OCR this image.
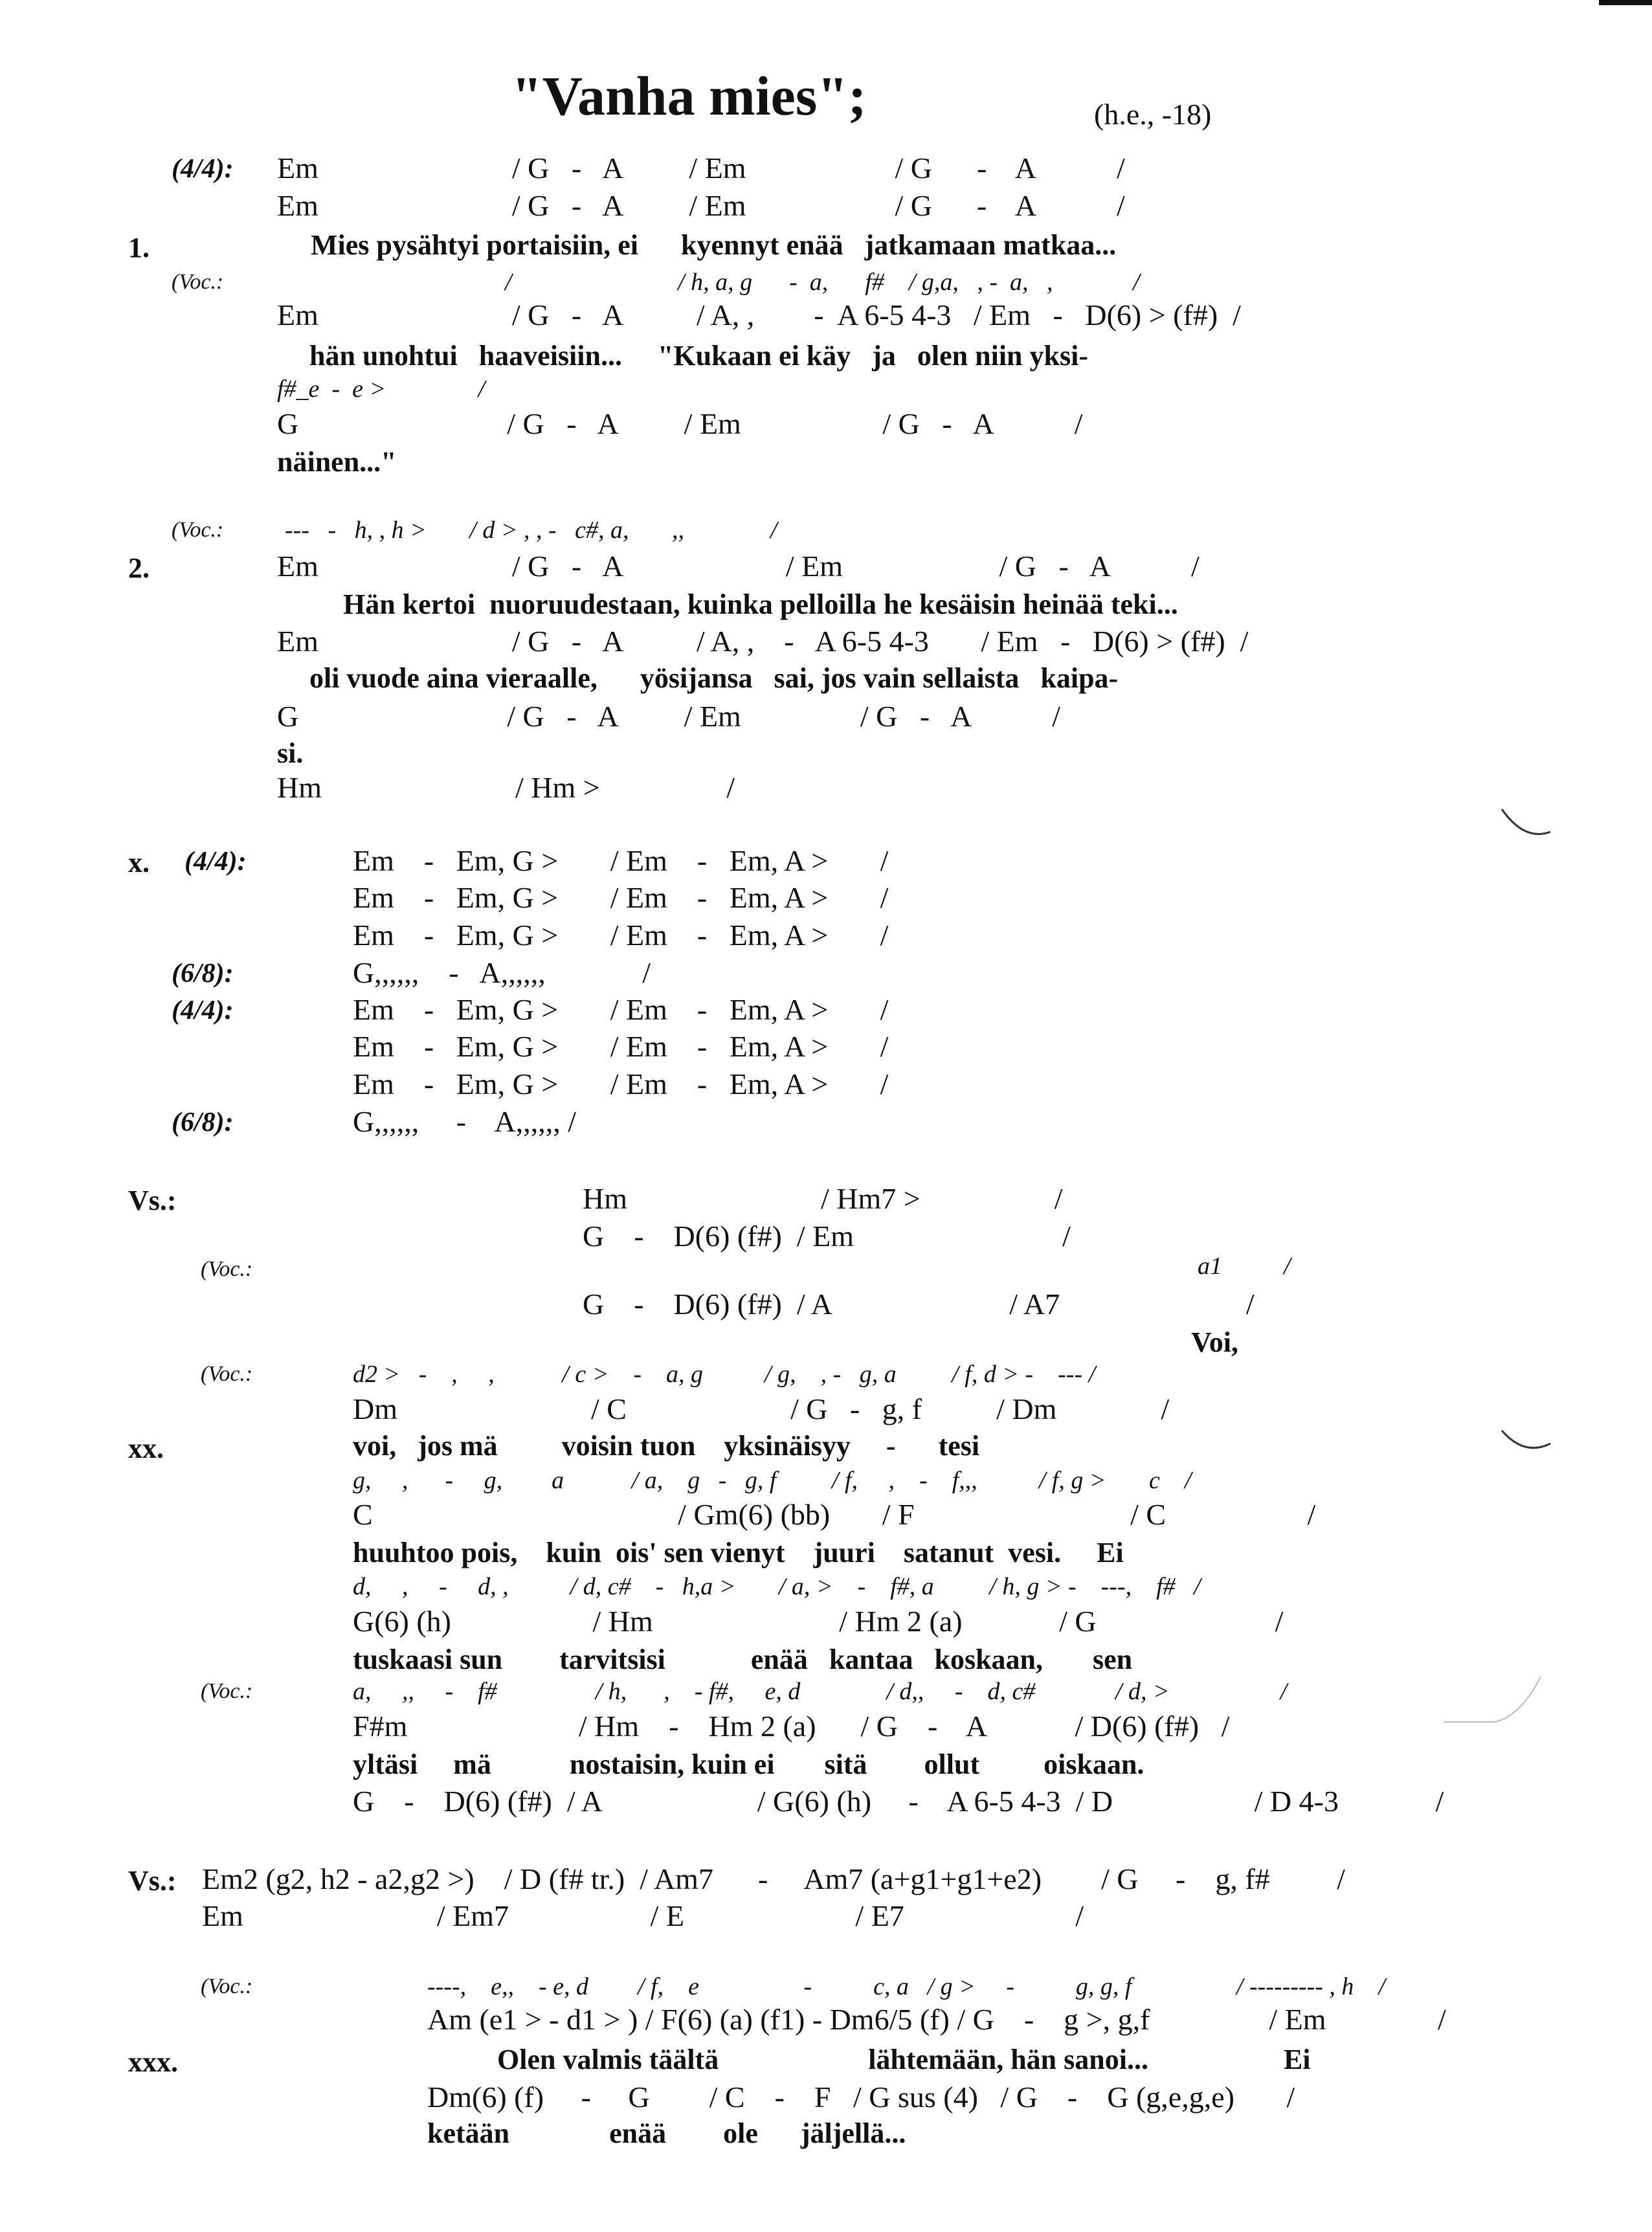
"Vanha mies";	(h.e., -18)
(4/4): Em                          / G   -   A         / Em                    / G      -    A           /
Em                          / G   -   A         / Em                    / G      -    A           /
1.	Mies pysähtyi portaisiin, ei      kyennyt enää   jatkamaan matkaa...
(Voc.:	/                           / h, a, g      -  a,      f#    / g,a,   , -  a,   ,             /
Em                          / G   -   A          / A, ,        -  A 6-5 4-3   / Em   -   D(6) > (f#)  /
hän unohtui   haaveisiin...     "Kukaan ei käy   ja   olen niin yksi-
f#_e  -  e >               /
G                            / G   -   A         / Em                   / G   -   A           /
näinen..."
(Voc.: ---   -   h, , h >       / d > , , -   c#, a,       ,,              /
2.	Em                          / G   -   A                      / Em                     / G   -   A           /
Hän kertoi  nuoruudestaan, kuinka pelloilla he kesäisin heinää teki...
Em                          / G   -   A          / A, ,    -   A 6-5 4-3       / Em   -   D(6) > (f#)  /
oli vuode aina vieraalle,      yösijansa   sai, jos vain sellaista   kaipa-
G                            / G   -   A         / Em                / G   -   A           /
si.
Hm                          / Hm >                 /
x. (4/4):	Em    -   Em, G >       / Em    -   Em, A >       /
Em    -   Em, G >       / Em    -   Em, A >       /
Em    -   Em, G >       / Em    -   Em, A >       /
(6/8):	G,,,,,,    -   A,,,,,,             /
(4/4):	Em    -   Em, G >       / Em    -   Em, A >       /
Em    -   Em, G >       / Em    -   Em, A >       /
Em    -   Em, G >       / Em    -   Em, A >       /
(6/8):	G,,,,,,     -    A,,,,,, /
Vs.:	Hm                          / Hm7 >                  /
G    -    D(6) (f#)  / Em                            /
(Voc.:	a1          /
G    -    D(6) (f#)  / A                        / A7                         /
Voi,
(Voc.:	d2 >   -    ,     ,           / c >    -    a, g          / g,    , -   g, a         / f, d > -    --- /
Dm                          / C                      / G   -   g, f          / Dm              /
xx.	voi,   jos mä         voisin tuon    yksinäisyy     -      tesi
g,     ,      -     g,        a           / a,    g   -   g, f         / f,     ,    -    f,,,          / f, g >       c    /
C                                         / Gm(6) (bb)       / F                             / C                   /
huuhtoo pois,    kuin  ois' sen vienyt    juuri    satanut  vesi.     Ei
d,     ,     -     d, ,          / d, c#    -   h,a >       / a, >    -    f#, a         / h, g > -    ---,    f#   /
G(6) (h)                   / Hm                         / Hm 2 (a)             / G                        /
tuskaasi sun        tarvitsisi            enää   kantaa   koskaan,       sen
(Voc.:	a,     ,,     -    f#                / h,      ,    - f#,     e, d              / d,,     -    d, c#             / d, >                  /
F#m                       / Hm    -    Hm 2 (a)      / G    -    A            / D(6) (f#)   /
yltäsi     mä           nostaisin, kuin ei       sitä        ollut         oiskaan.
G    -    D(6) (f#)  / A                     / G(6) (h)     -    A 6-5 4-3  / D                   / D 4-3             /
Vs.: Em2 (g2, h2 - a2,g2 >)    / D (f# tr.)  / Am7      -     Am7 (a+g1+g1+e2)        / G     -    g, f#         /
Em                          / Em7                   / E                       / E7                       /
(Voc.:	----,    e,,    - e, d        / f,    e                 -          c, a   / g >     -          g, g, f                 / --------- , h    /
Am (e1 > - d1 > ) / F(6) (a) (f1) - Dm6/5 (f) / G    -    g >, g,f                / Em               /
xxx.	Olen valmis täältä                     lähtemään, hän sanoi...                   Ei
Dm(6) (f)     -     G        / C    -    F   / G sus (4)   / G    -    G (g,e,g,e)       /
ketään              enää        ole      jäljellä...
